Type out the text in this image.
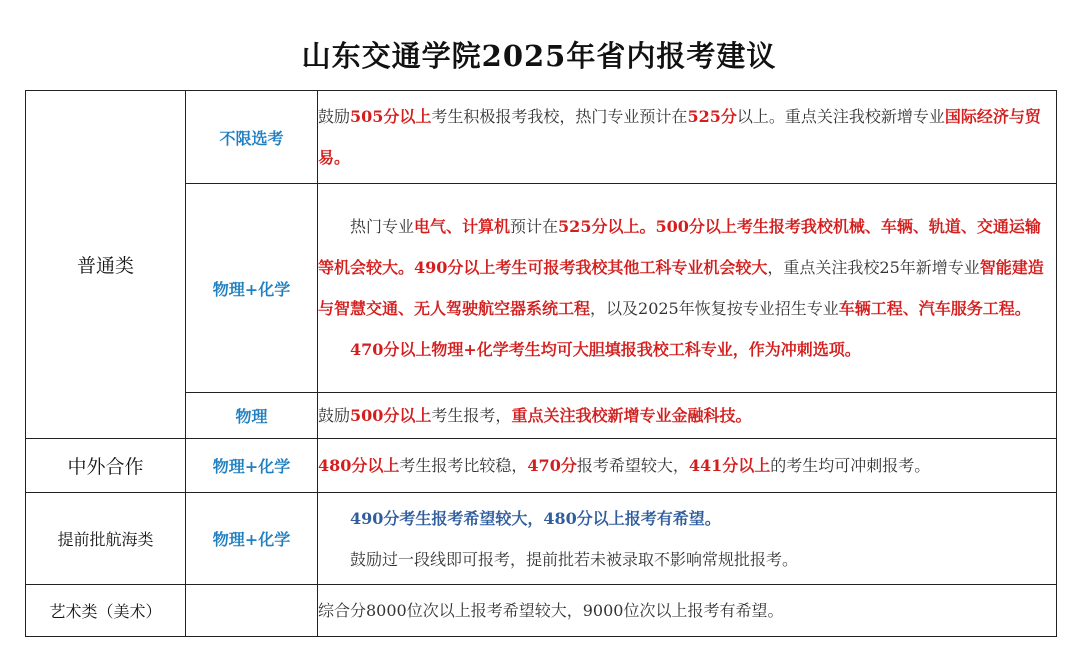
山东交通学院2025年省内报考建议
普通类	不限选考	鼓励505分以上考生积极报考我校，热门专业预计在525分以上。重点关注我校新增专业国际经济与贸易。

	物理+化学	热门专业电气、计算机预计在525分以上。500分以上考生报考我校机械、车辆、轨道、交通运输等机会较大。490分以上考生可报考我校其他工科专业机会较大，重点关注我校25年新增专业智能建造与智慧交通、无人驾驶航空器系统工程，以及2025年恢复按专业招生专业车辆工程、汽车服务工程。

470分以上物理+化学考生均可大胆填报我校工科专业，作为冲刺选项。

	物理	鼓励500分以上考生报考，重点关注我校新增专业金融科技。

中外合作	物理+化学	480分以上考生报考比较稳，470分报考希望较大，441分以上的考生均可冲刺报考。

提前批航海类	物理+化学	490分考生报考希望较大，480分以上报考有希望。

鼓励过一段线即可报考，提前批若未被录取不影响常规批报考。

艺术类（美术）		综合分8000位次以上报考希望较大，9000位次以上报考有希望。
